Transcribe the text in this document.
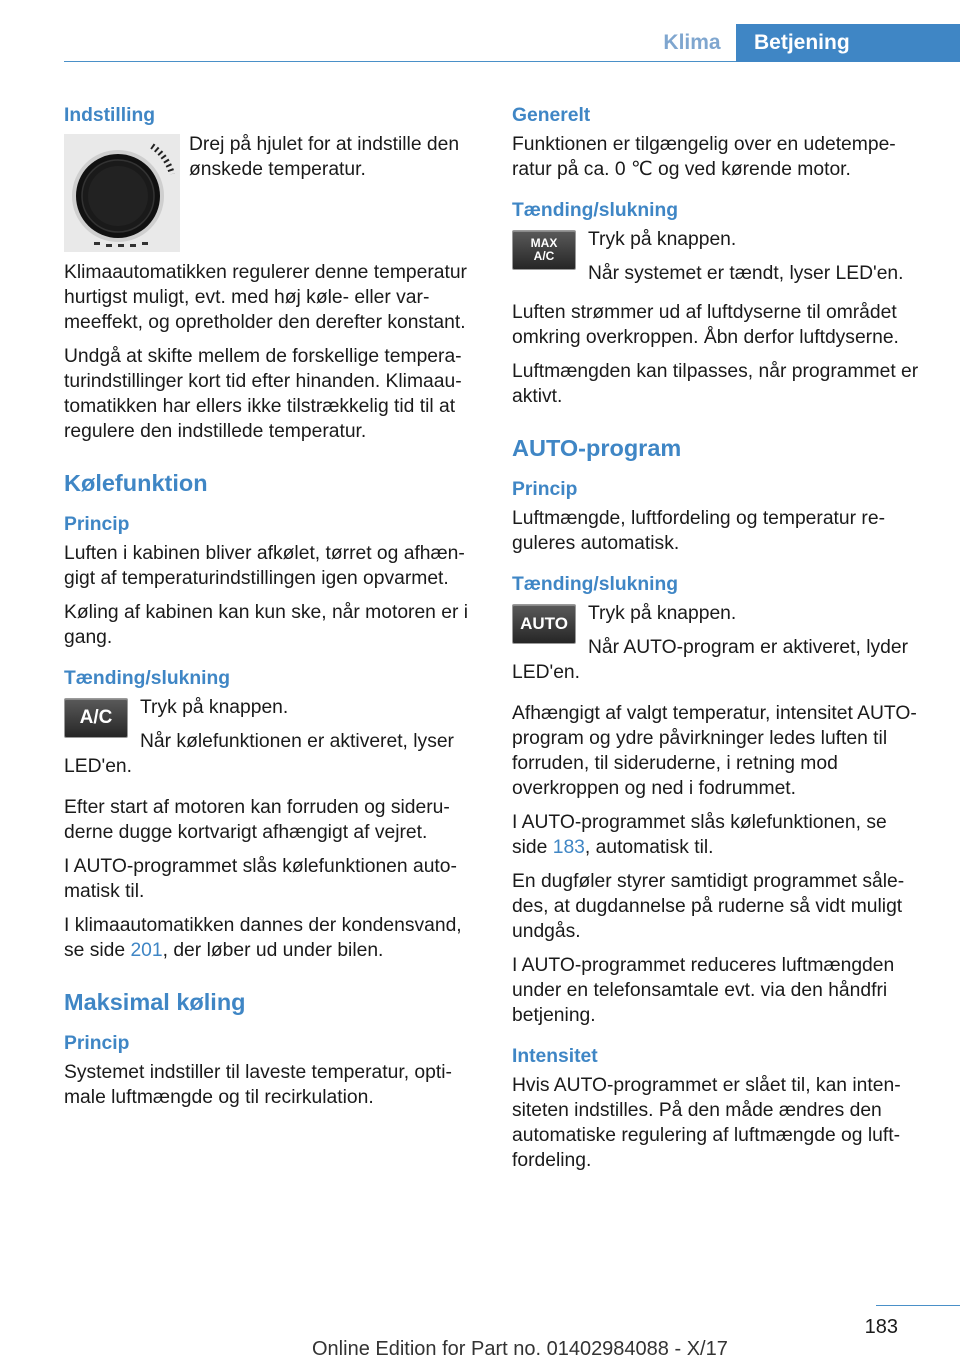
Klima	Betjening
Indstilling

Drej på hjulet for at indstille den ønskede temperatur.

Klimaautomatikken regulerer denne temperatur hurtigst muligt, evt. med høj køle- eller varmeeffekt, og opretholder den derefter konstant.

Undgå at skifte mellem de forskellige temperaturindstillinger kort tid efter hinanden. Klimaautomatikken har ellers ikke tilstrækkelig tid til at regulere den indstillede temperatur.

Kølefunktion
Princip

Luften i kabinen bliver afkølet, tørret og afhængigt af temperaturindstillingen igen opvarmet.

Køling af kabinen kan kun ske, når motoren er i gang.

Tænding/slukning
A/C	Tryk på knappen.

Når kølefunktionen er aktiveret, lyser

LED'en.

Efter start af motoren kan forruden og sideruderne dugge kortvarigt afhængigt af vejret.

I AUTO-programmet slås kølefunktionen automatisk til.

I klimaautomatikken dannes der kondensvand, se side 201, der løber ud under bilen.

Maksimal køling
Princip

Systemet indstiller til laveste temperatur, optimale luftmængde og til recirkulation.

Generelt

Funktionen er tilgængelig over en udetemperatur på ca. 0 ℃ og ved kørende motor.

Tænding/slukning
MAX
A/C

Tryk på knappen.

Når systemet er tændt, lyser LED'en.

Luften strømmer ud af luftdyserne til området omkring overkroppen. Åbn derfor luftdyserne.

Luftmængden kan tilpasses, når programmet er aktivt.

AUTO-program
Princip

Luftmængde, luftfordeling og temperatur reguleres automatisk.

Tænding/slukning
AUTO	Tryk på knappen.

Når AUTO-program er aktiveret, lyder

LED'en.

Afhængigt af valgt temperatur, intensitet AUTO-program og ydre påvirkninger ledes luften til forruden, til sideruderne, i retning mod overkroppen og ned i fodrummet.

I AUTO-programmet slås kølefunktionen, se side 183, automatisk til.

En dugføler styrer samtidigt programmet således, at dugdannelse på ruderne så vidt muligt undgås.

I AUTO-programmet reduceres luftmængden under en telefonsamtale evt. via den håndfri betjening.

Intensitet

Hvis AUTO-programmet er slået til, kan intensiteten indstilles. På den måde ændres den automatiske regulering af luftmængde og luftfordeling.

183
Online Edition for Part no. 01402984088 - X/17
